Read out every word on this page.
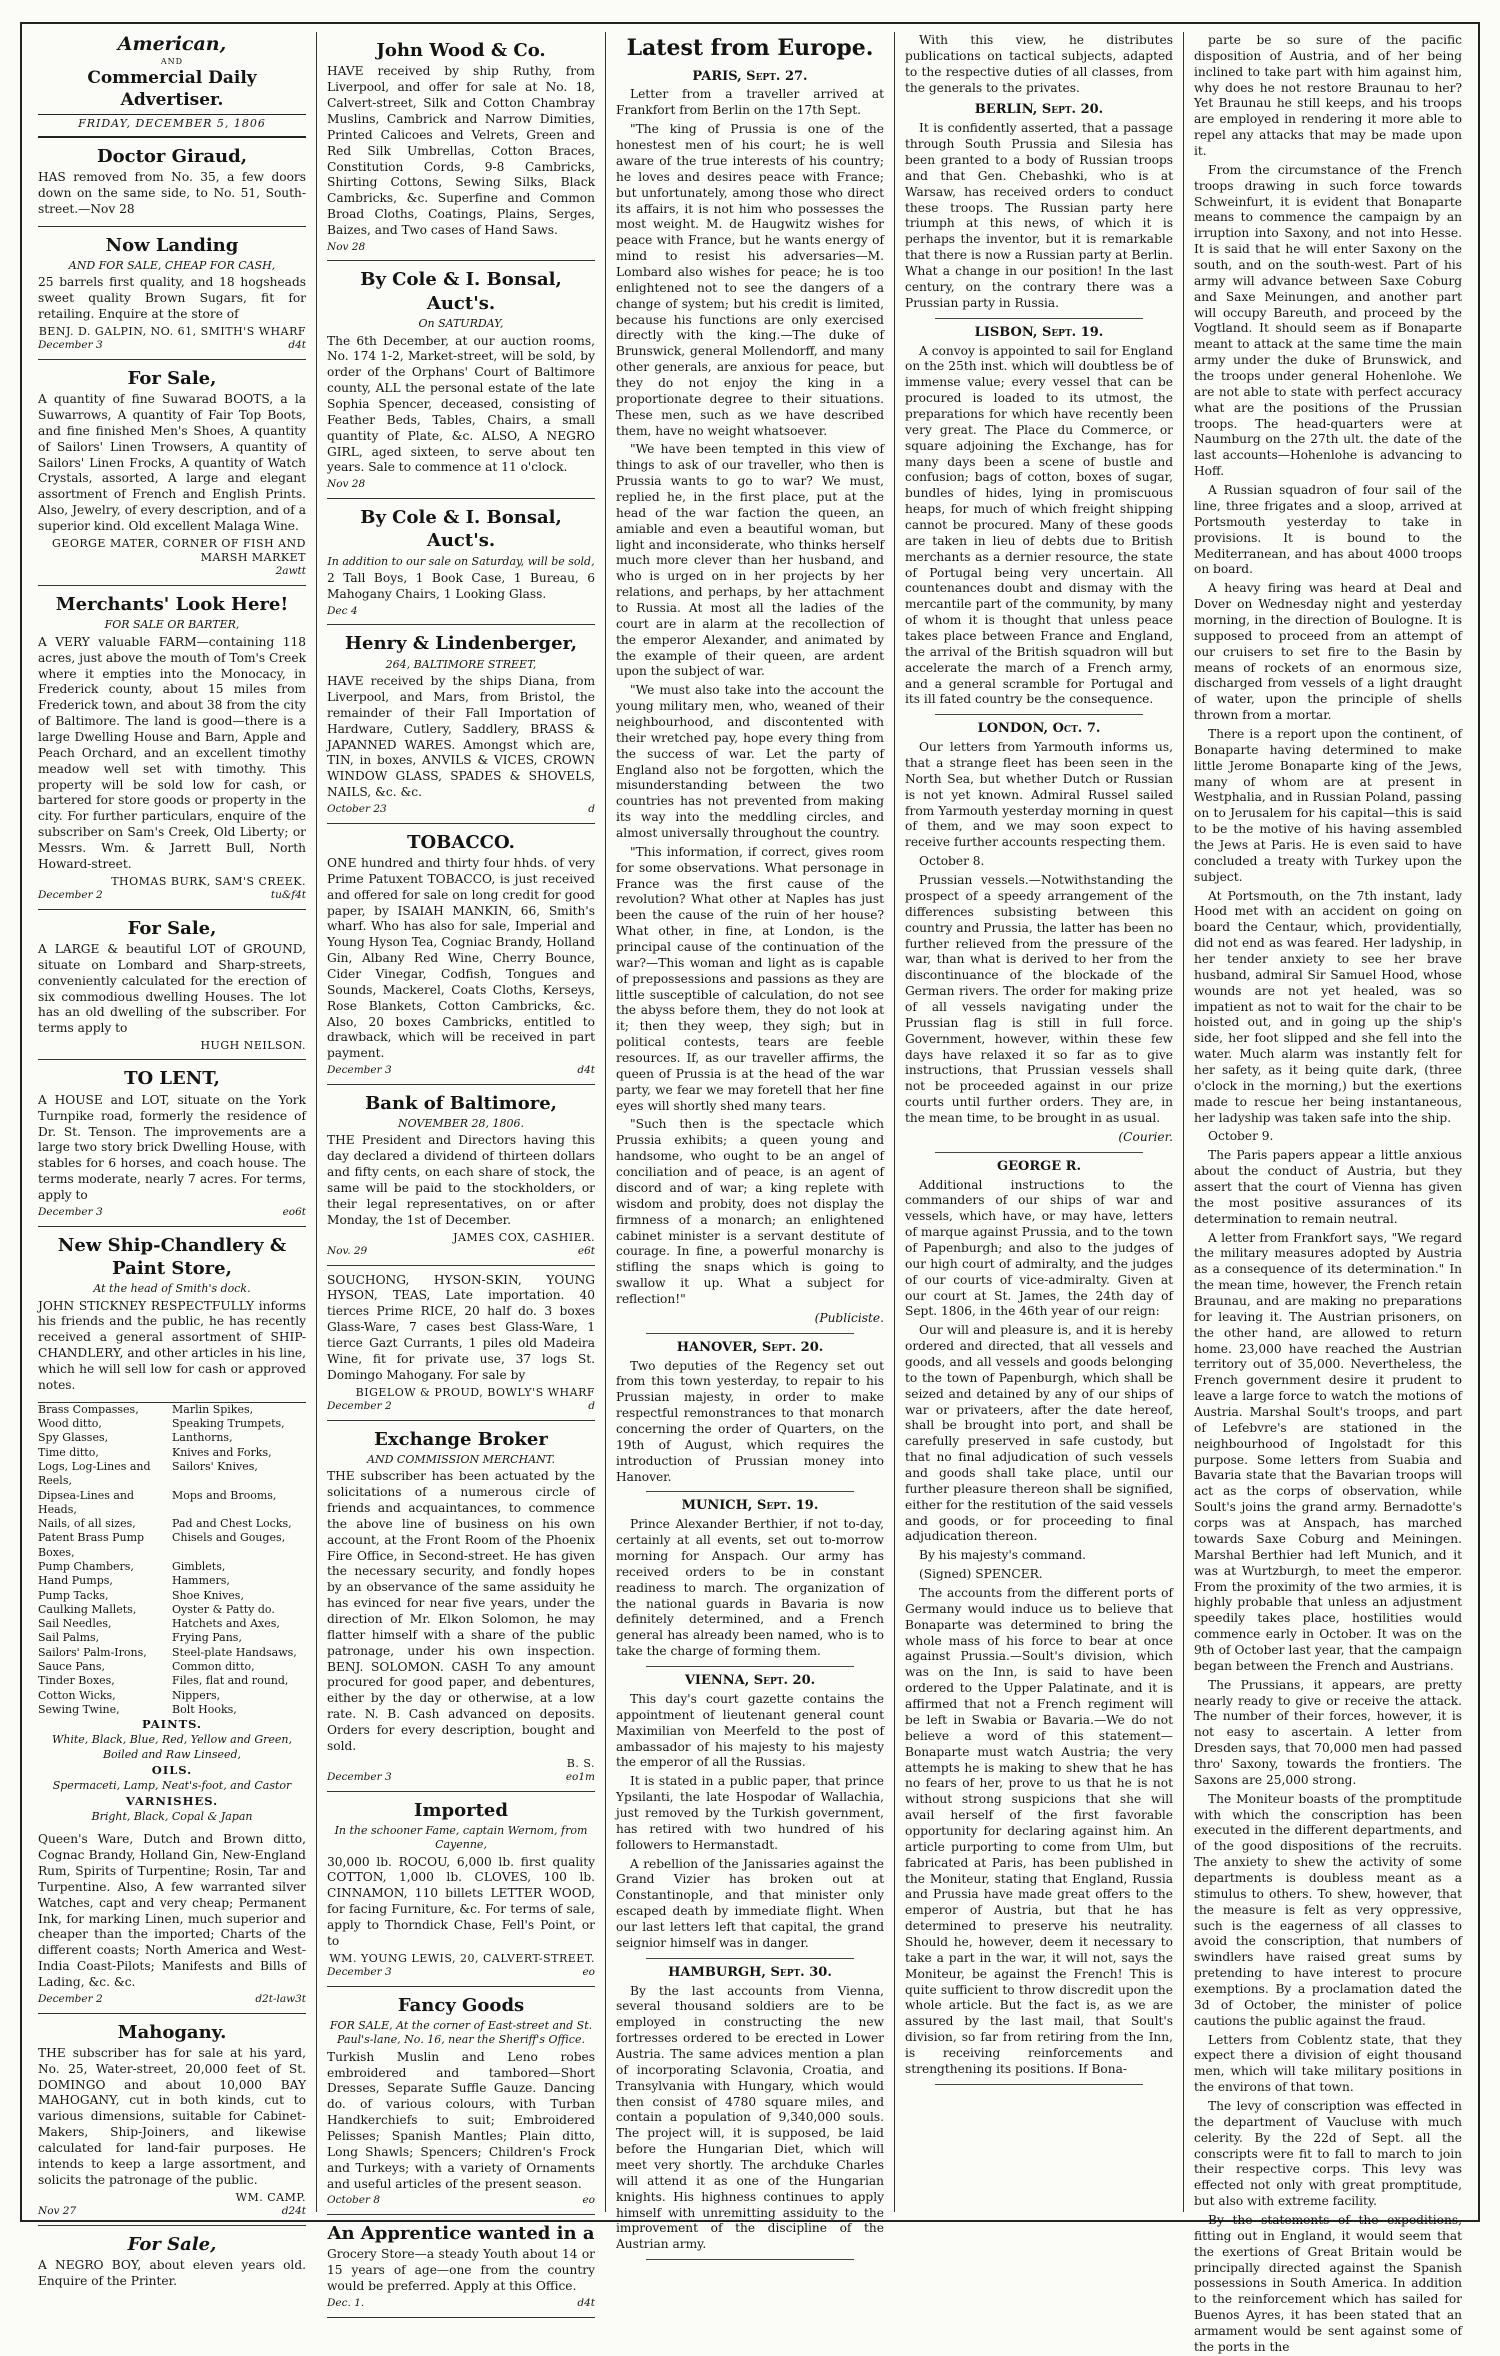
American,
AND
Commercial Daily Advertiser.
FRIDAY, DECEMBER 5, 1806
Doctor Giraud,
HAS removed from No. 35, a few doors down on the same side, to No. 51, South-street.—Nov 28
Now Landing
AND FOR SALE, CHEAP FOR CASH,
25 barrels first quality, and 18 hogsheads sweet quality Brown Sugars, fit for retailing. Enquire at the store of
BENJ. D. GALPIN, NO. 61, SMITH'S WHARF
December 3	d4t
For Sale,
A quantity of fine Suwarad BOOTS, a la Suwarrows, A quantity of Fair Top Boots, and fine finished Men's Shoes, A quantity of Sailors' Linen Trowsers, A quantity of Sailors' Linen Frocks, A quantity of Watch Crystals, assorted, A large and elegant assortment of French and English Prints. Also, Jewelry, of every description, and of a superior kind. Old excellent Malaga Wine.
GEORGE MATER, CORNER OF FISH AND MARSH MARKET
2awtt
Merchants' Look Here!
FOR SALE OR BARTER,
A VERY valuable FARM—containing 118 acres, just above the mouth of Tom's Creek where it empties into the Monocacy, in Frederick county, about 15 miles from Frederick town, and about 38 from the city of Baltimore. The land is good—there is a large Dwelling House and Barn, Apple and Peach Orchard, and an excellent timothy meadow well set with timothy. This property will be sold low for cash, or bartered for store goods or property in the city. For further particulars, enquire of the subscriber on Sam's Creek, Old Liberty; or Messrs. Wm. & Jarrett Bull, North Howard-street.
THOMAS BURK, SAM'S CREEK.
December 2	tu&f4t
For Sale,
A LARGE & beautiful LOT of GROUND, situate on Lombard and Sharp-streets, conveniently calculated for the erection of six commodious dwelling Houses. The lot has an old dwelling of the subscriber. For terms apply to
HUGH NEILSON.
TO LENT,
A HOUSE and LOT, situate on the York Turnpike road, formerly the residence of Dr. St. Tenson. The improvements are a large two story brick Dwelling House, with stables for 6 horses, and coach house. The terms moderate, nearly 7 acres. For terms, apply to
December 3	eo6t
New Ship-Chandlery & Paint Store,
At the head of Smith's dock.
JOHN STICKNEY RESPECTFULLY informs his friends and the public, he has recently received a general assortment of SHIP-CHANDLERY, and other articles in his line, which he will sell low for cash or approved notes.
Brass Compasses,	Marlin Spikes,
Wood ditto,	Speaking Trumpets,
Spy Glasses,	Lanthorns,
Time ditto,	Knives and Forks,
Logs, Log-Lines and Reels,
Sailors' Knives,
Dipsea-Lines and Heads,
Mops and Brooms,
Nails, of all sizes,	Pad and Chest Locks,
Patent Brass Pump Boxes,
Chisels and Gouges,
Pump Chambers,	Gimblets,
Hand Pumps,	Hammers,
Pump Tacks,	Shoe Knives,
Caulking Mallets,	Oyster & Patty do.
Sail Needles,	Hatchets and Axes,
Sail Palms,	Frying Pans,
Sailors' Palm-Irons,	Steel-plate Handsaws,
Sauce Pans,	Common ditto,
Tinder Boxes,	Files, flat and round,
Cotton Wicks,	Nippers,
Sewing Twine,	Bolt Hooks,
PAINTS.
White, Black, Blue, Red, Yellow and Green, Boiled and Raw Linseed,
OILS.
Spermaceti, Lamp, Neat's-foot, and Castor
VARNISHES.
Bright, Black, Copal & Japan
Queen's Ware, Dutch and Brown ditto, Cognac Brandy, Holland Gin, New-England Rum, Spirits of Turpentine; Rosin, Tar and Turpentine. Also, A few warranted silver Watches, capt and very cheap; Permanent Ink, for marking Linen, much superior and cheaper than the imported; Charts of the different coasts; North America and West-India Coast-Pilots; Manifests and Bills of Lading, &c. &c.
December 2	d2t-law3t
Mahogany.
THE subscriber has for sale at his yard, No. 25, Water-street, 20,000 feet of St. DOMINGO and about 10,000 BAY MAHOGANY, cut in both kinds, cut to various dimensions, suitable for Cabinet-Makers, Ship-Joiners, and likewise calculated for land-fair purposes. He intends to keep a large assortment, and solicits the patronage of the public.
WM. CAMP.
Nov 27	d24t
For Sale,
A NEGRO BOY, about eleven years old. Enquire of the Printer.
John Wood & Co.
HAVE received by ship Ruthy, from Liverpool, and offer for sale at No. 18, Calvert-street, Silk and Cotton Chambray Muslins, Cambrick and Narrow Dimities, Printed Calicoes and Velrets, Green and Red Silk Umbrellas, Cotton Braces, Constitution Cords, 9-8 Cambricks, Shirting Cottons, Sewing Silks, Black Cambricks, &c. Superfine and Common Broad Cloths, Coatings, Plains, Serges, Baizes, and Two cases of Hand Saws.
Nov 28
By Cole & I. Bonsal, Auct's.
On SATURDAY,
The 6th December, at our auction rooms, No. 174 1-2, Market-street, will be sold, by order of the Orphans' Court of Baltimore county, ALL the personal estate of the late Sophia Spencer, deceased, consisting of Feather Beds, Tables, Chairs, a small quantity of Plate, &c. ALSO, A NEGRO GIRL, aged sixteen, to serve about ten years. Sale to commence at 11 o'clock.
Nov 28
By Cole & I. Bonsal, Auct's.
In addition to our sale on Saturday, will be sold,
2 Tall Boys, 1 Book Case, 1 Bureau, 6 Mahogany Chairs, 1 Looking Glass.
Dec 4
Henry & Lindenberger,
264, BALTIMORE STREET,
HAVE received by the ships Diana, from Liverpool, and Mars, from Bristol, the remainder of their Fall Importation of Hardware, Cutlery, Saddlery, BRASS & JAPANNED WARES. Amongst which are, TIN, in boxes, ANVILS & VICES, CROWN WINDOW GLASS, SPADES & SHOVELS, NAILS, &c. &c.
October 23	d
TOBACCO.
ONE hundred and thirty four hhds. of very Prime Patuxent TOBACCO, is just received and offered for sale on long credit for good paper, by ISAIAH MANKIN, 66, Smith's wharf. Who has also for sale, Imperial and Young Hyson Tea, Cogniac Brandy, Holland Gin, Albany Red Wine, Cherry Bounce, Cider Vinegar, Codfish, Tongues and Sounds, Mackerel, Coats Cloths, Kerseys, Rose Blankets, Cotton Cambricks, &c. Also, 20 boxes Cambricks, entitled to drawback, which will be received in part payment.
December 3	d4t
Bank of Baltimore,
NOVEMBER 28, 1806.
THE President and Directors having this day declared a dividend of thirteen dollars and fifty cents, on each share of stock, the same will be paid to the stockholders, or their legal representatives, on or after Monday, the 1st of December.
JAMES COX, CASHIER.
Nov. 29	e6t
SOUCHONG, HYSON-SKIN, YOUNG HYSON, TEAS, Late importation. 40 tierces Prime RICE, 20 half do. 3 boxes Glass-Ware, 7 cases best Glass-Ware, 1 tierce Gazt Currants, 1 piles old Madeira Wine, fit for private use, 37 logs St. Domingo Mahogany. For sale by
BIGELOW & PROUD, BOWLY'S WHARF
December 2	d
Exchange Broker
AND COMMISSION MERCHANT.
THE subscriber has been actuated by the solicitations of a numerous circle of friends and acquaintances, to commence the above line of business on his own account, at the Front Room of the Phoenix Fire Office, in Second-street. He has given the necessary security, and fondly hopes by an observance of the same assiduity he has evinced for near five years, under the direction of Mr. Elkon Solomon, he may flatter himself with a share of the public patronage, under his own inspection. BENJ. SOLOMON. CASH To any amount procured for good paper, and debentures, either by the day or otherwise, at a low rate. N. B. Cash advanced on deposits. Orders for every description, bought and sold.
B. S.
December 3	eo1m
Imported
In the schooner Fame, captain Wernom, from Cayenne,
30,000 lb. ROCOU, 6,000 lb. first quality COTTON, 1,000 lb. CLOVES, 100 lb. CINNAMON, 110 billets LETTER WOOD, for facing Furniture, &c. For terms of sale, apply to Thorndick Chase, Fell's Point, or to
WM. YOUNG LEWIS, 20, CALVERT-STREET.
December 3	eo
Fancy Goods
FOR SALE, At the corner of East-street and St. Paul's-lane, No. 16, near the Sheriff's Office.
Turkish Muslin and Leno robes embroidered and tambored—Short Dresses, Separate Suffle Gauze. Dancing do. of various colours, with Turban Handkerchiefs to suit; Embroidered Pelisses; Spanish Mantles; Plain ditto, Long Shawls; Spencers; Children's Frock and Turkeys; with a variety of Ornaments and useful articles of the present season.
October 8	eo
An Apprentice wanted in a
Grocery Store—a steady Youth about 14 or 15 years of age—one from the country would be preferred. Apply at this Office.
Dec. 1.	d4t
Latest from Europe.
PARIS, Sept. 27.
Letter from a traveller arrived at Frankfort from Berlin on the 17th Sept.
"The king of Prussia is one of the honestest men of his court; he is well aware of the true interests of his country; he loves and desires peace with France; but unfortunately, among those who direct its affairs, it is not him who possesses the most weight. M. de Haugwitz wishes for peace with France, but he wants energy of mind to resist his adversaries—M. Lombard also wishes for peace; he is too enlightened not to see the dangers of a change of system; but his credit is limited, because his functions are only exercised directly with the king.—The duke of Brunswick, general Mollendorff, and many other generals, are anxious for peace, but they do not enjoy the king in a proportionate degree to their situations. These men, such as we have described them, have no weight whatsoever.
"We have been tempted in this view of things to ask of our traveller, who then is Prussia wants to go to war? We must, replied he, in the first place, put at the head of the war faction the queen, an amiable and even a beautiful woman, but light and inconsiderate, who thinks herself much more clever than her husband, and who is urged on in her projects by her relations, and perhaps, by her attachment to Russia. At most all the ladies of the court are in alarm at the recollection of the emperor Alexander, and animated by the example of their queen, are ardent upon the subject of war.
"We must also take into the account the young military men, who, weaned of their neighbourhood, and discontented with their wretched pay, hope every thing from the success of war. Let the party of England also not be forgotten, which the misunderstanding between the two countries has not prevented from making its way into the meddling circles, and almost universally throughout the country.
"This information, if correct, gives room for some observations. What personage in France was the first cause of the revolution? What other at Naples has just been the cause of the ruin of her house? What other, in fine, at London, is the principal cause of the continuation of the war?—This woman and light as is capable of prepossessions and passions as they are little susceptible of calculation, do not see the abyss before them, they do not look at it; then they weep, they sigh; but in political contests, tears are feeble resources. If, as our traveller affirms, the queen of Prussia is at the head of the war party, we fear we may foretell that her fine eyes will shortly shed many tears.
"Such then is the spectacle which Prussia exhibits; a queen young and handsome, who ought to be an angel of conciliation and of peace, is an agent of discord and of war; a king replete with wisdom and probity, does not display the firmness of a monarch; an enlightened cabinet minister is a servant destitute of courage. In fine, a powerful monarchy is stifling the snaps which is going to swallow it up. What a subject for reflection!"
(Publiciste.
HANOVER, Sept. 20.
Two deputies of the Regency set out from this town yesterday, to repair to his Prussian majesty, in order to make respectful remonstrances to that monarch concerning the order of Quarters, on the 19th of August, which requires the introduction of Prussian money into Hanover.
MUNICH, Sept. 19.
Prince Alexander Berthier, if not to-day, certainly at all events, set out to-morrow morning for Anspach. Our army has received orders to be in constant readiness to march. The organization of the national guards in Bavaria is now definitely determined, and a French general has already been named, who is to take the charge of forming them.
VIENNA, Sept. 20.
This day's court gazette contains the appointment of lieutenant general count Maximilian von Meerfeld to the post of ambassador of his majesty to his majesty the emperor of all the Russias.
It is stated in a public paper, that prince Ypsilanti, the late Hospodar of Wallachia, just removed by the Turkish government, has retired with two hundred of his followers to Hermanstadt.
A rebellion of the Janissaries against the Grand Vizier has broken out at Constantinople, and that minister only escaped death by immediate flight. When our last letters left that capital, the grand seignior himself was in danger.
HAMBURGH, Sept. 30.
By the last accounts from Vienna, several thousand soldiers are to be employed in constructing the new fortresses ordered to be erected in Lower Austria. The same advices mention a plan of incorporating Sclavonia, Croatia, and Transylvania with Hungary, which would then consist of 4780 square miles, and contain a population of 9,340,000 souls. The project will, it is supposed, be laid before the Hungarian Diet, which will meet very shortly. The archduke Charles will attend it as one of the Hungarian knights. His highness continues to apply himself with unremitting assiduity to the improvement of the discipline of the Austrian army.
With this view, he distributes publications on tactical subjects, adapted to the respective duties of all classes, from the generals to the privates.
BERLIN, Sept. 20.
It is confidently asserted, that a passage through South Prussia and Silesia has been granted to a body of Russian troops and that Gen. Chebashki, who is at Warsaw, has received orders to conduct these troops. The Russian party here triumph at this news, of which it is perhaps the inventor, but it is remarkable that there is now a Russian party at Berlin. What a change in our position! In the last century, on the contrary there was a Prussian party in Russia.
LISBON, Sept. 19.
A convoy is appointed to sail for England on the 25th inst. which will doubtless be of immense value; every vessel that can be procured is loaded to its utmost, the preparations for which have recently been very great. The Place du Commerce, or square adjoining the Exchange, has for many days been a scene of bustle and confusion; bags of cotton, boxes of sugar, bundles of hides, lying in promiscuous heaps, for much of which freight shipping cannot be procured. Many of these goods are taken in lieu of debts due to British merchants as a dernier resource, the state of Portugal being very uncertain. All countenances doubt and dismay with the mercantile part of the community, by many of whom it is thought that unless peace takes place between France and England, the arrival of the British squadron will but accelerate the march of a French army, and a general scramble for Portugal and its ill fated country be the consequence.
LONDON, Oct. 7.
Our letters from Yarmouth informs us, that a strange fleet has been seen in the North Sea, but whether Dutch or Russian is not yet known. Admiral Russel sailed from Yarmouth yesterday morning in quest of them, and we may soon expect to receive further accounts respecting them.
October 8.
Prussian vessels.—Notwithstanding the prospect of a speedy arrangement of the differences subsisting between this country and Prussia, the latter has been no further relieved from the pressure of the war, than what is derived to her from the discontinuance of the blockade of the German rivers. The order for making prize of all vessels navigating under the Prussian flag is still in full force. Government, however, within these few days have relaxed it so far as to give instructions, that Prussian vessels shall not be proceeded against in our prize courts until further orders. They are, in the mean time, to be brought in as usual.
(Courier.
GEORGE R.
Additional instructions to the commanders of our ships of war and vessels, which have, or may have, letters of marque against Prussia, and to the town of Papenburgh; and also to the judges of our high court of admiralty, and the judges of our courts of vice-admiralty. Given at our court at St. James, the 24th day of Sept. 1806, in the 46th year of our reign:
Our will and pleasure is, and it is hereby ordered and directed, that all vessels and goods, and all vessels and goods belonging to the town of Papenburgh, which shall be seized and detained by any of our ships of war or privateers, after the date hereof, shall be brought into port, and shall be carefully preserved in safe custody, but that no final adjudication of such vessels and goods shall take place, until our further pleasure thereon shall be signified, either for the restitution of the said vessels and goods, or for proceeding to final adjudication thereon.
By his majesty's command.
(Signed) SPENCER.
The accounts from the different ports of Germany would induce us to believe that Bonaparte was determined to bring the whole mass of his force to bear at once against Prussia.—Soult's division, which was on the Inn, is said to have been ordered to the Upper Palatinate, and it is affirmed that not a French regiment will be left in Swabia or Bavaria.—We do not believe a word of this statement—Bonaparte must watch Austria; the very attempts he is making to shew that he has no fears of her, prove to us that he is not without strong suspicions that she will avail herself of the first favorable opportunity for declaring against him. An article purporting to come from Ulm, but fabricated at Paris, has been published in the Moniteur, stating that England, Russia and Prussia have made great offers to the emperor of Austria, but that he has determined to preserve his neutrality. Should he, however, deem it necessary to take a part in the war, it will not, says the Moniteur, be against the French! This is quite sufficient to throw discredit upon the whole article. But the fact is, as we are assured by the last mail, that Soult's division, so far from retiring from the Inn, is receiving reinforcements and strengthening its positions. If Bona-
parte be so sure of the pacific disposition of Austria, and of her being inclined to take part with him against him, why does he not restore Braunau to her? Yet Braunau he still keeps, and his troops are employed in rendering it more able to repel any attacks that may be made upon it.
From the circumstance of the French troops drawing in such force towards Schweinfurt, it is evident that Bonaparte means to commence the campaign by an irruption into Saxony, and not into Hesse. It is said that he will enter Saxony on the south, and on the south-west. Part of his army will advance between Saxe Coburg and Saxe Meinungen, and another part will occupy Bareuth, and proceed by the Vogtland. It should seem as if Bonaparte meant to attack at the same time the main army under the duke of Brunswick, and the troops under general Hohenlohe. We are not able to state with perfect accuracy what are the positions of the Prussian troops. The head-quarters were at Naumburg on the 27th ult. the date of the last accounts—Hohenlohe is advancing to Hoff.
A Russian squadron of four sail of the line, three frigates and a sloop, arrived at Portsmouth yesterday to take in provisions. It is bound to the Mediterranean, and has about 4000 troops on board.
A heavy firing was heard at Deal and Dover on Wednesday night and yesterday morning, in the direction of Boulogne. It is supposed to proceed from an attempt of our cruisers to set fire to the Basin by means of rockets of an enormous size, discharged from vessels of a light draught of water, upon the principle of shells thrown from a mortar.
There is a report upon the continent, of Bonaparte having determined to make little Jerome Bonaparte king of the Jews, many of whom are at present in Westphalia, and in Russian Poland, passing on to Jerusalem for his capital—this is said to be the motive of his having assembled the Jews at Paris. He is even said to have concluded a treaty with Turkey upon the subject.
At Portsmouth, on the 7th instant, lady Hood met with an accident on going on board the Centaur, which, providentially, did not end as was feared. Her ladyship, in her tender anxiety to see her brave husband, admiral Sir Samuel Hood, whose wounds are not yet healed, was so impatient as not to wait for the chair to be hoisted out, and in going up the ship's side, her foot slipped and she fell into the water. Much alarm was instantly felt for her safety, as it being quite dark, (three o'clock in the morning,) but the exertions made to rescue her being instantaneous, her ladyship was taken safe into the ship.
October 9.
The Paris papers appear a little anxious about the conduct of Austria, but they assert that the court of Vienna has given the most positive assurances of its determination to remain neutral.
A letter from Frankfort says, "We regard the military measures adopted by Austria as a consequence of its determination." In the mean time, however, the French retain Braunau, and are making no preparations for leaving it. The Austrian prisoners, on the other hand, are allowed to return home. 23,000 have reached the Austrian territory out of 35,000. Nevertheless, the French government desire it prudent to leave a large force to watch the motions of Austria. Marshal Soult's troops, and part of Lefebvre's are stationed in the neighbourhood of Ingolstadt for this purpose. Some letters from Suabia and Bavaria state that the Bavarian troops will act as the corps of observation, while Soult's joins the grand army. Bernadotte's corps was at Anspach, has marched towards Saxe Coburg and Meiningen. Marshal Berthier had left Munich, and it was at Wurtzburgh, to meet the emperor. From the proximity of the two armies, it is highly probable that unless an adjustment speedily takes place, hostilities would commence early in October. It was on the 9th of October last year, that the campaign began between the French and Austrians.
The Prussians, it appears, are pretty nearly ready to give or receive the attack. The number of their forces, however, it is not easy to ascertain. A letter from Dresden says, that 70,000 men had passed thro' Saxony, towards the frontiers. The Saxons are 25,000 strong.
The Moniteur boasts of the promptitude with which the conscription has been executed in the different departments, and of the good dispositions of the recruits. The anxiety to shew the activity of some departments is doubless meant as a stimulus to others. To shew, however, that the measure is felt as very oppressive, such is the eagerness of all classes to avoid the conscription, that numbers of swindlers have raised great sums by pretending to have interest to procure exemptions. By a proclamation dated the 3d of October, the minister of police cautions the public against the fraud.
Letters from Coblentz state, that they expect there a division of eight thousand men, which will take military positions in the environs of that town.
The levy of conscription was effected in the department of Vaucluse with much celerity. By the 22d of Sept. all the conscripts were fit to fall to march to join their respective corps. This levy was effected not only with great promptitude, but also with extreme facility.
By the statements of the expeditions, fitting out in England, it would seem that the exertions of Great Britain would be principally directed against the Spanish possessions in South America. In addition to the reinforcement which has sailed for Buenos Ayres, it has been stated that an armament would be sent against some of the ports in the
